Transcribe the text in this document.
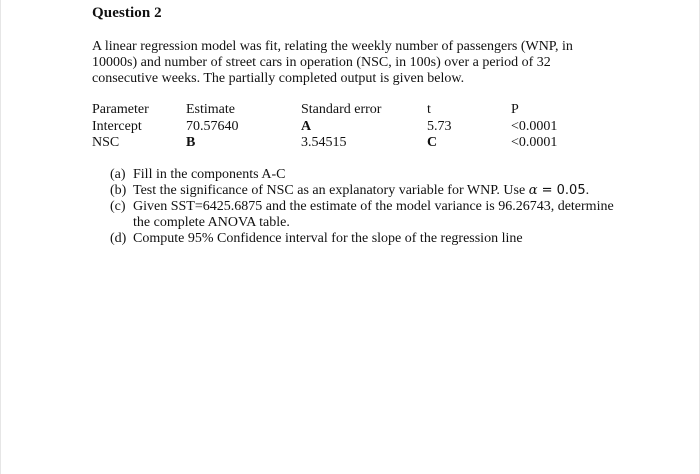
Question 2
A linear regression model was fit, relating the weekly number of passengers (WNP, in
10000s) and number of street cars in operation (NSC, in 100s) over a period of 32
consecutive weeks. The partially completed output is given below.
Parameter	Estimate	Standard error	t	P
Intercept	70.57640	A	5.73	<0.0001
NSC	B	3.54515	C	<0.0001
(a) Fill in the components A-C
(b) Test the significance of NSC as an explanatory variable for WNP. Use α = 0.05.
(c) Given SST=6425.6875 and the estimate of the model variance is 96.26743, determine
the complete ANOVA table.
(d) Compute 95% Confidence interval for the slope of the regression line
